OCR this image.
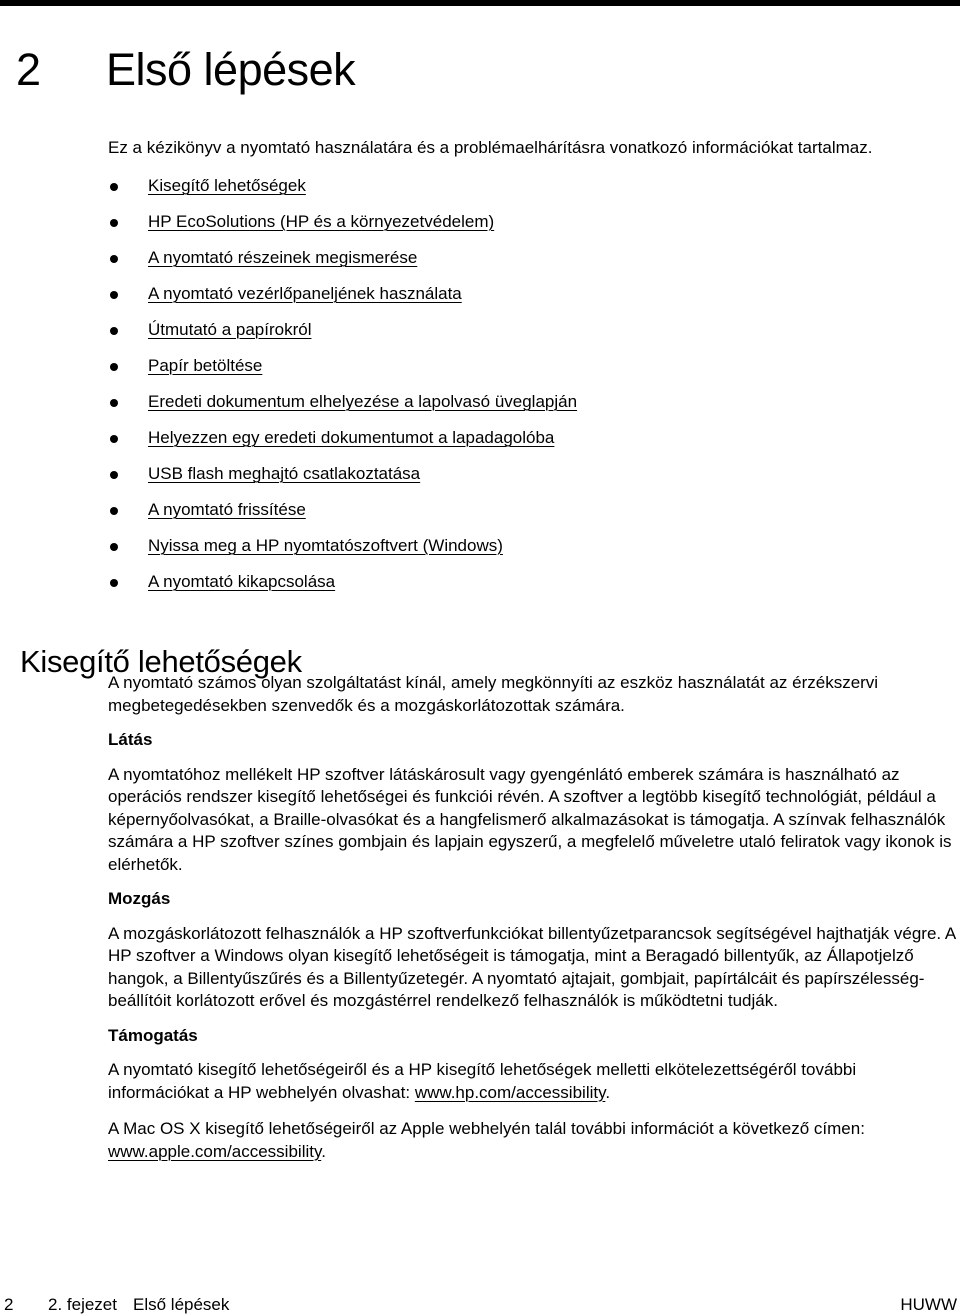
2 Első lépések
Ez a kézikönyv a nyomtató használatára és a problémaelhárításra vonatkozó információkat tartalmaz.
Kisegítő lehetőségek
HP EcoSolutions (HP és a környezetvédelem)
A nyomtató részeinek megismerése
A nyomtató vezérlőpaneljének használata
Útmutató a papírokról
Papír betöltése
Eredeti dokumentum elhelyezése a lapolvasó üveglapján
Helyezzen egy eredeti dokumentumot a lapadagolóba
USB flash meghajtó csatlakoztatása
A nyomtató frissítése
Nyissa meg a HP nyomtatószoftvert (Windows)
A nyomtató kikapcsolása
Kisegítő lehetőségek

A nyomtató számos olyan szolgáltatást kínál, amely megkönnyíti az eszköz használatát az érzékszervi megbetegedésekben szenvedők és a mozgáskorlátozottak számára.

Látás

A nyomtatóhoz mellékelt HP szoftver látáskárosult vagy gyengénlátó emberek számára is használható az operációs rendszer kisegítő lehetőségei és funkciói révén. A szoftver a legtöbb kisegítő technológiát, például a képernyőolvasókat, a Braille-olvasókat és a hangfelismerő alkalmazásokat is támogatja. A színvak felhasználók számára a HP szoftver színes gombjain és lapjain egyszerű, a megfelelő műveletre utaló feliratok vagy ikonok is elérhetők.

Mozgás

A mozgáskorlátozott felhasználók a HP szoftverfunkciókat billentyűzetparancsok segítségével hajthatják végre. A HP szoftver a Windows olyan kisegítő lehetőségeit is támogatja, mint a Beragadó billentyűk, az Állapotjelző hangok, a Billentyűszűrés és a Billentyűzetegér. A nyomtató ajtajait, gombjait, papírtálcáit és papírszélesség-beállítóit korlátozott erővel és mozgástérrel rendelkező felhasználók is működtetni tudják.

Támogatás

A nyomtató kisegítő lehetőségeiről és a HP kisegítő lehetőségek melletti elkötelezettségéről további információkat a HP webhelyén olvashat: www.hp.com/accessibility.

A Mac OS X kisegítő lehetőségeiről az Apple webhelyén talál további információt a következő címen: www.apple.com/accessibility.

2 2. fejezet Első lépések	HUWW
